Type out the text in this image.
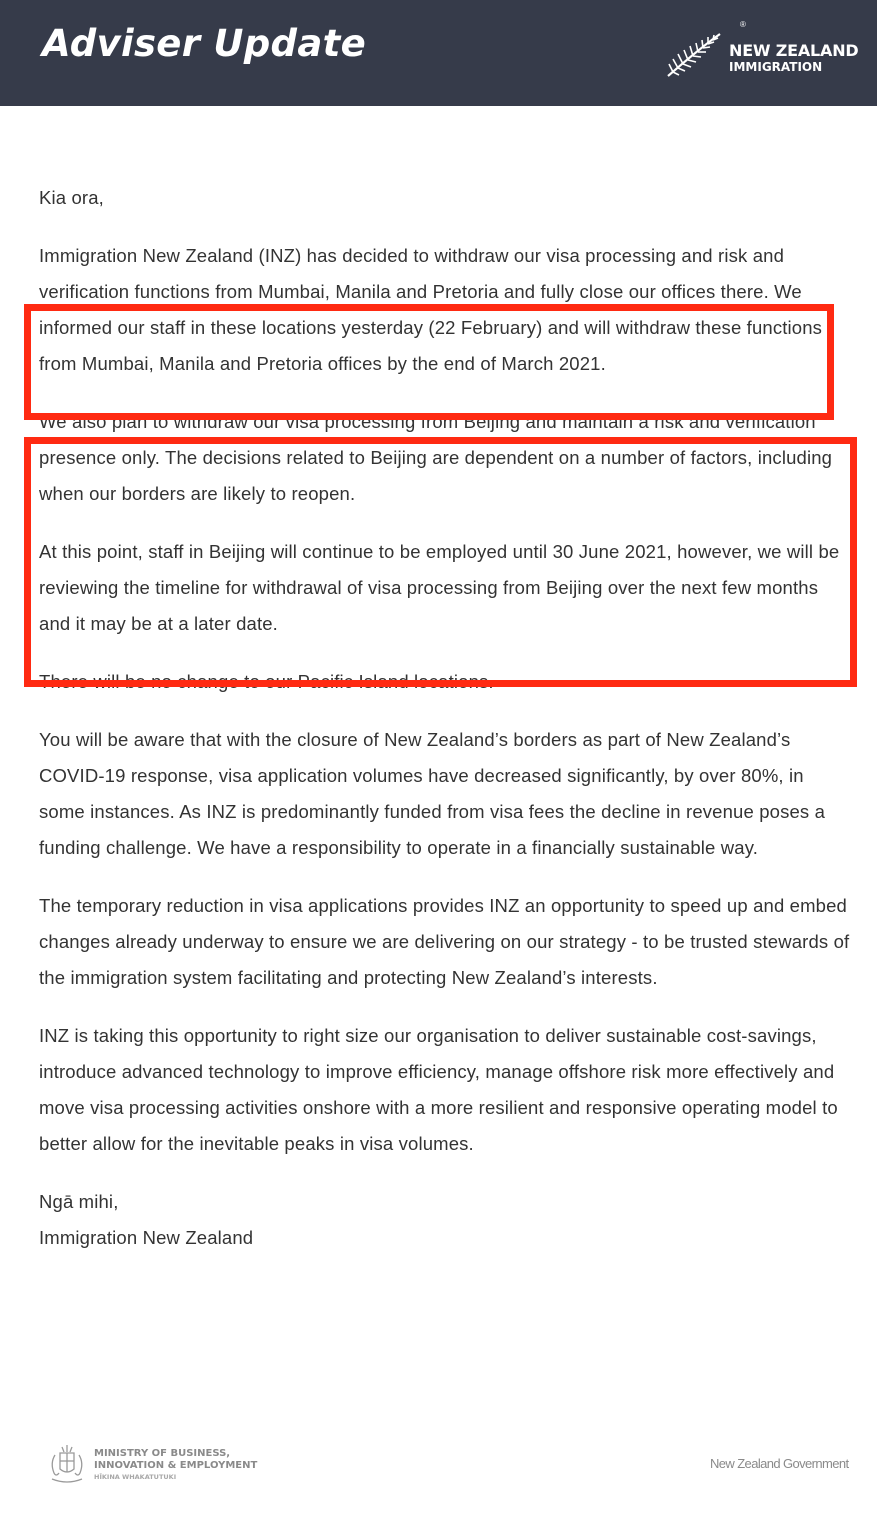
Adviser Update	®
NEW ZEALAND
IMMIGRATION

Kia ora,

Immigration New Zealand (INZ) has decided to withdraw our visa processing and risk and verification functions from Mumbai, Manila and Pretoria and fully close our offices there. We informed our staff in these locations yesterday (22 February) and will withdraw these functions from Mumbai, Manila and Pretoria offices by the end of March 2021.

We also plan to withdraw our visa processing from Beijing and maintain a risk and verification presence only. The decisions related to Beijing are dependent on a number of factors, including when our borders are likely to reopen.

At this point, staff in Beijing will continue to be employed until 30 June 2021, however, we will be reviewing the timeline for withdrawal of visa processing from Beijing over the next few months and it may be at a later date.

There will be no change to our Pacific Island locations.

You will be aware that with the closure of New Zealand’s borders as part of New Zealand’s COVID-19 response, visa application volumes have decreased significantly, by over 80%, in some instances. As INZ is predominantly funded from visa fees the decline in revenue poses a funding challenge. We have a responsibility to operate in a financially sustainable way.

The temporary reduction in visa applications provides INZ an opportunity to speed up and embed changes already underway to ensure we are delivering on our strategy - to be trusted stewards of the immigration system facilitating and protecting New Zealand’s interests.

INZ is taking this opportunity to right size our organisation to deliver sustainable cost-savings, introduce advanced technology to improve efficiency, manage offshore risk more effectively and move visa processing activities onshore with a more resilient and responsive operating model to better allow for the inevitable peaks in visa volumes.

Ngā mihi,

Immigration New Zealand

MINISTRY OF BUSINESS,
INNOVATION & EMPLOYMENT
HĪKINA WHAKATUTUKI
New Zealand Government
